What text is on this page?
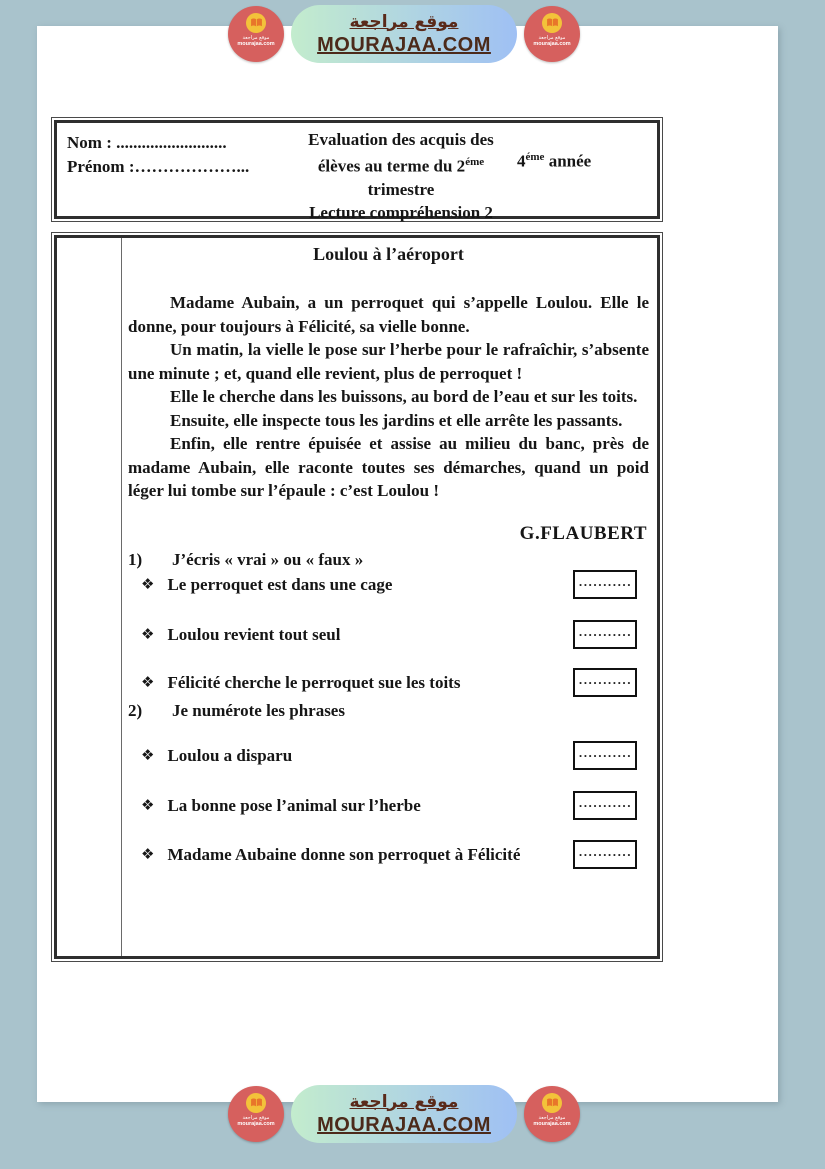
موقع مراجعة
mourajaa.com
موقع مراجعة
MOURAJAA.COM	موقع مراجعة
mourajaa.com
Nom : ..........................
Prénom :………………...
Evaluation des acquis des
élèves au terme du $2^{éme}$
trimestre
Lecture compréhension 2
$4^{éme}$ année
Loulou à l’aéroport

Madame Aubain, a un perroquet qui s’appelle Loulou. Elle le donne, pour toujours à Félicité, sa vielle bonne.

Un matin, la vielle le pose sur l’herbe pour le rafraîchir, s’absente une minute ; et, quand elle revient, plus de perroquet !

Elle le cherche dans les buissons, au bord de l’eau et sur les toits.

Ensuite, elle inspecte tous les jardins et elle arrête les passants.

Enfin, elle rentre épuisée et assise au milieu du banc, près de madame Aubain, elle raconte toutes ses démarches, quand un poid léger lui tombe sur l’épaule : c’est Loulou !

G.FLAUBERT
1) J’écris « vrai » ou « faux »
❖ Le perroquet est dans une cage	···········
❖ Loulou revient tout seul	···········
❖ Félicité cherche le perroquet sue les toits	···········
2) Je numérote les phrases
❖ Loulou a disparu	···········
❖ La bonne pose l’animal sur l’herbe	···········
❖ Madame Aubaine donne son perroquet à Félicité	···········
موقع مراجعة
mourajaa.com
موقع مراجعة
MOURAJAA.COM	موقع مراجعة
mourajaa.com
